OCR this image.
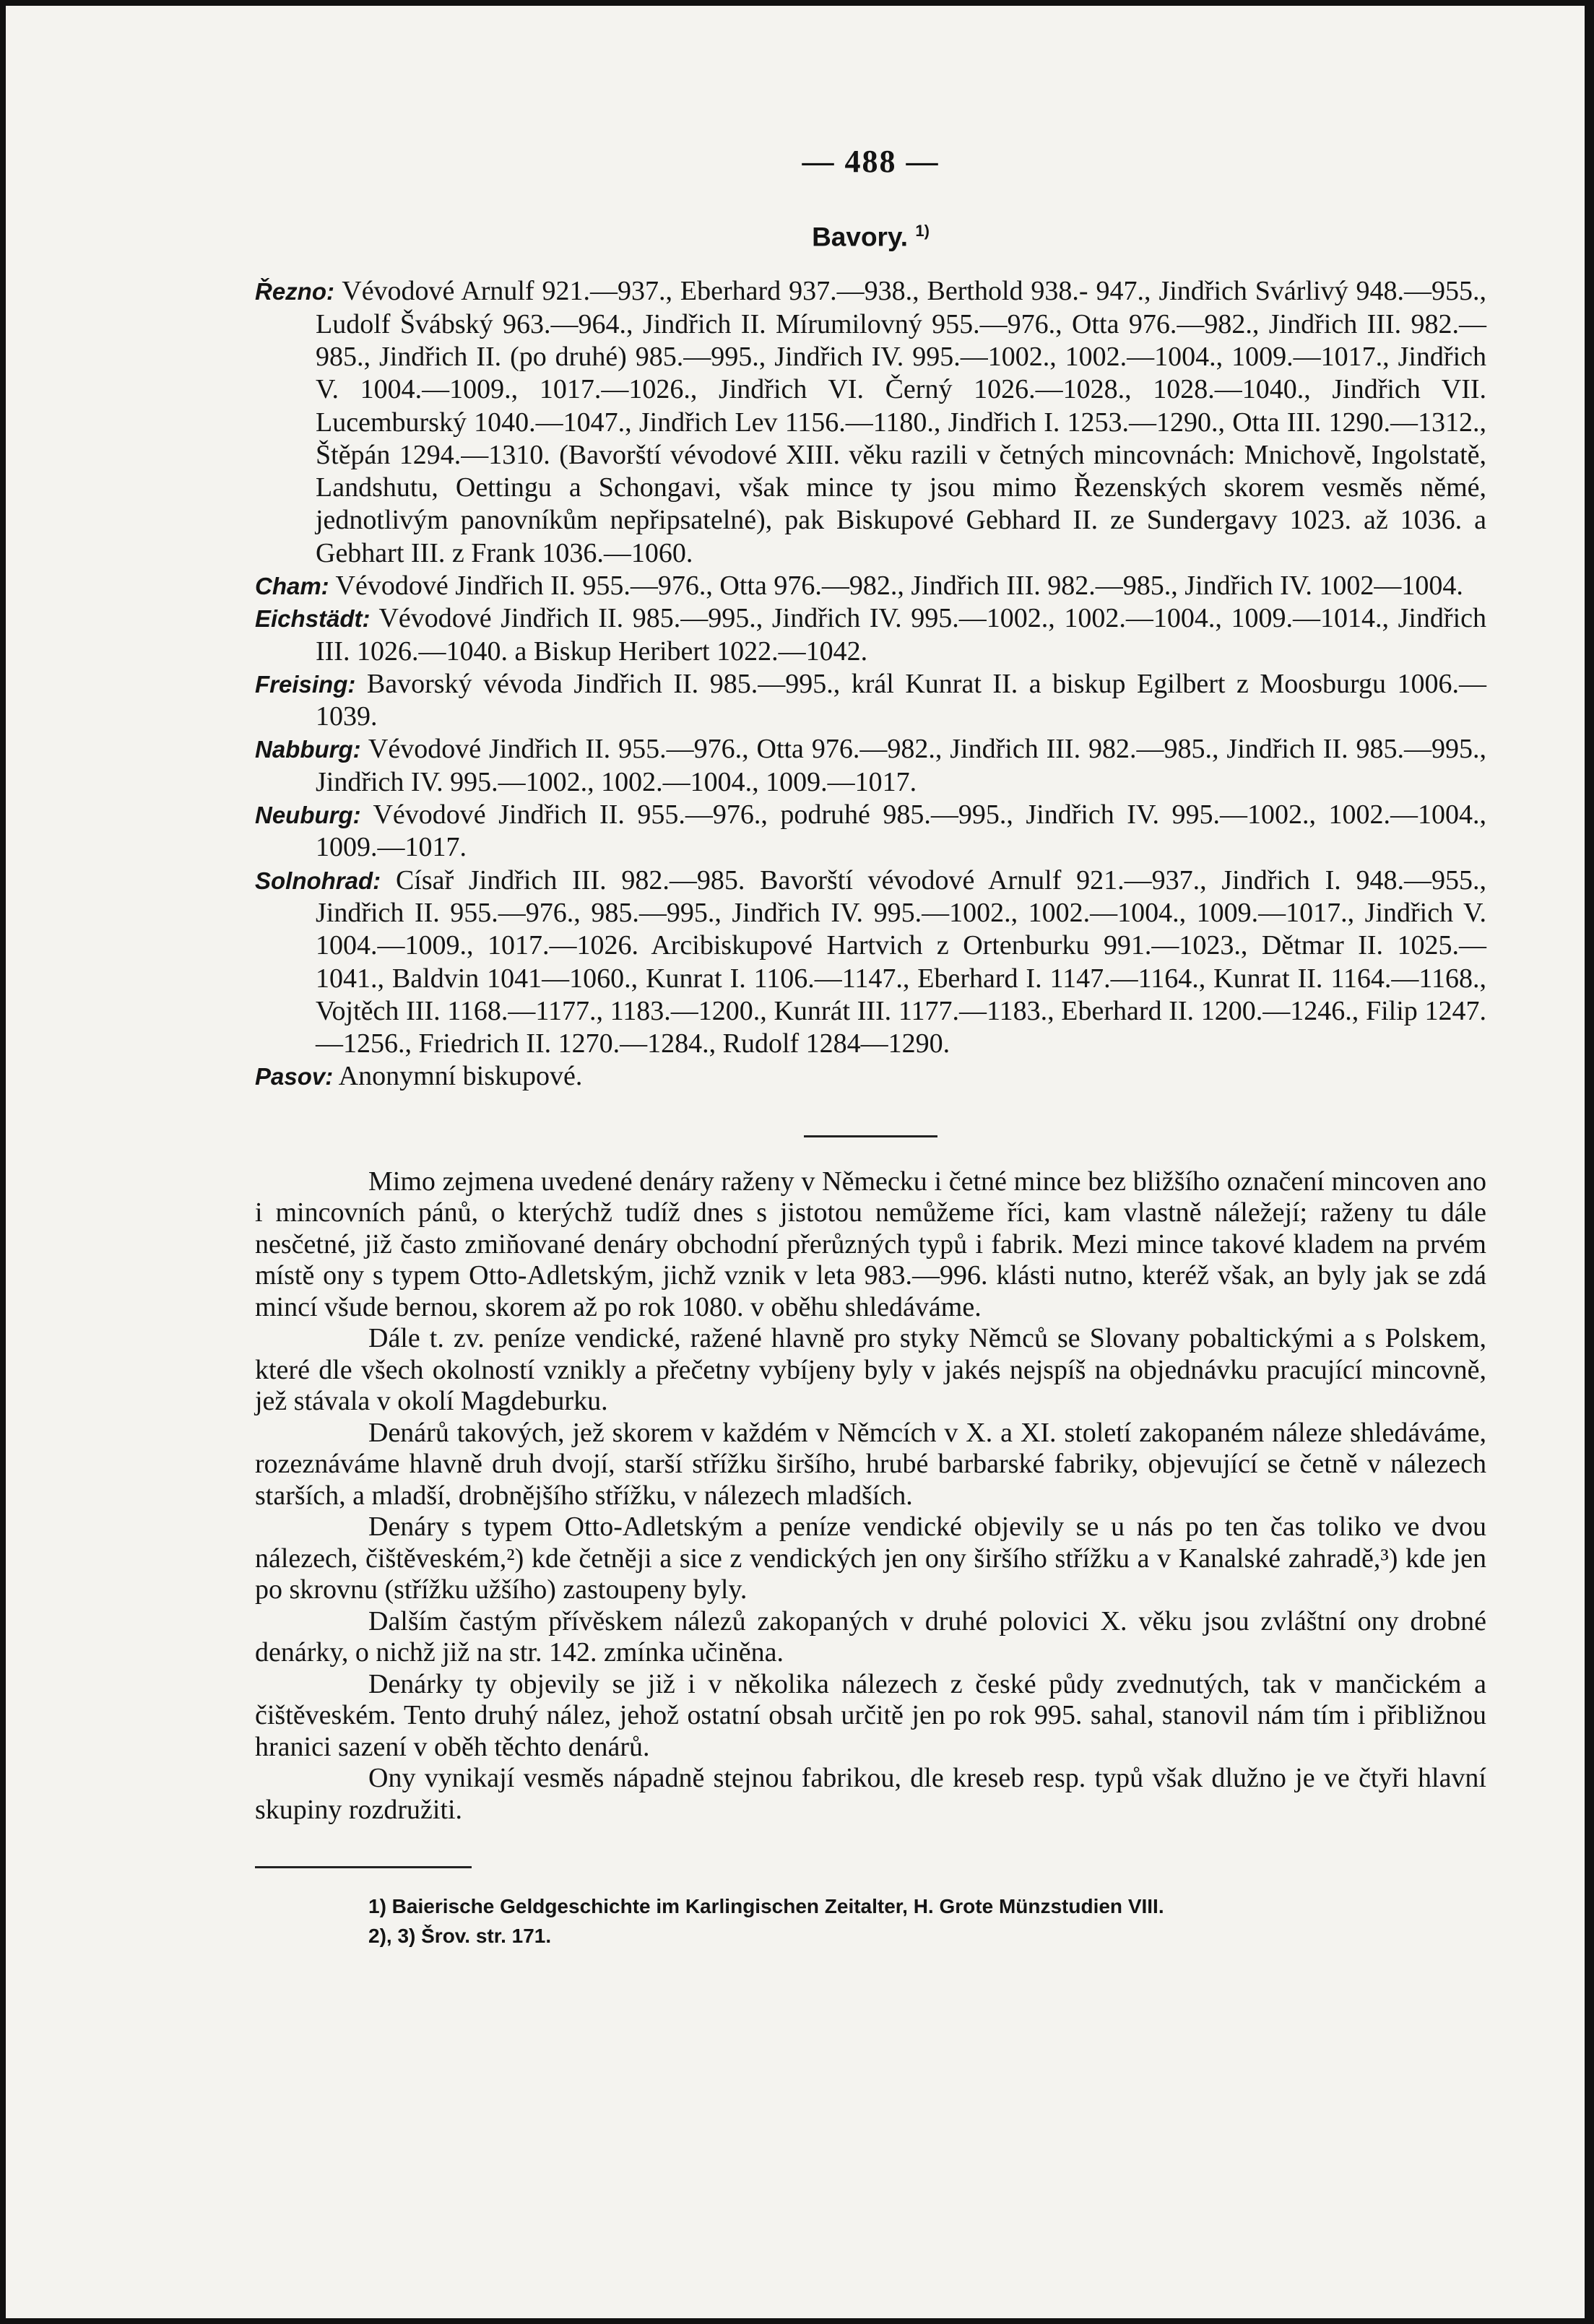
— 488 —
Bavory. $^{1)}$

Řezno: Vévodové Arnulf 921.—937., Eberhard 937.—938., Berthold 938.- 947., Jindřich Svárlivý 948.—955., Ludolf Švábský 963.—964., Jindřich II. Mírumilovný 955.—976., Otta 976.—982., Jindřich III. 982.—985., Jindřich II. (po druhé) 985.—995., Jindřich IV. 995.—1002., 1002.—1004., 1009.—1017., Jindřich V. 1004.—1009., 1017.—1026., Jindřich VI. Černý 1026.—1028., 1028.—1040., Jindřich VII. Lucemburský 1040.—1047., Jindřich Lev 1156.—1180., Jindřich I. 1253.—1290., Otta III. 1290.—1312., Štěpán 1294.—1310. (Bavorští vévodové XIII. věku razili v četných mincovnách: Mnichově, Ingolstatě, Landshutu, Oettingu a Schongavi, však mince ty jsou mimo Řezenských skorem vesměs němé, jednotlivým panovníkům nepřipsatelné), pak Biskupové Gebhard II. ze Sundergavy 1023. až 1036. a Gebhart III. z Frank 1036.—1060.

Cham: Vévodové Jindřich II. 955.—976., Otta 976.—982., Jindřich III. 982.—985., Jindřich IV. 1002—1004.

Eichstädt: Vévodové Jindřich II. 985.—995., Jindřich IV. 995.—1002., 1002.—1004., 1009.—1014., Jindřich III. 1026.—1040. a Biskup Heribert 1022.—1042.

Freising: Bavorský vévoda Jindřich II. 985.—995., král Kunrat II. a biskup Egilbert z Moosburgu 1006.—1039.

Nabburg: Vévodové Jindřich II. 955.—976., Otta 976.—982., Jindřich III. 982.—985., Jindřich II. 985.—995., Jindřich IV. 995.—1002., 1002.—1004., 1009.—1017.

Neuburg: Vévodové Jindřich II. 955.—976., podruhé 985.—995., Jindřich IV. 995.—1002., 1002.—1004., 1009.—1017.

Solnohrad: Císař Jindřich III. 982.—985. Bavorští vévodové Arnulf 921.—937., Jindřich I. 948.—955., Jindřich II. 955.—976., 985.—995., Jindřich IV. 995.—1002., 1002.—1004., 1009.—1017., Jindřich V. 1004.—1009., 1017.—1026. Arcibiskupové Hartvich z Ortenburku 991.—1023., Dětmar II. 1025.—1041., Baldvin 1041—1060., Kunrat I. 1106.—1147., Eberhard I. 1147.—1164., Kunrat II. 1164.—1168., Vojtěch III. 1168.—1177., 1183.—1200., Kunrát III. 1177.—1183., Eberhard II. 1200.—1246., Filip 1247.—1256., Friedrich II. 1270.—1284., Rudolf 1284—1290.

Pasov: Anonymní biskupové.

Mimo zejmena uvedené denáry raženy v Německu i četné mince bez bližšího označení mincoven ano i mincovních pánů, o kterýchž tudíž dnes s jistotou nemůžeme říci, kam vlastně náležejí; raženy tu dále nesčetné, již často zmiňované denáry obchodní přerůzných typů i fabrik. Mezi mince takové kladem na prvém místě ony s typem Otto-Adletským, jichž vznik v leta 983.—996. klásti nutno, kteréž však, an byly jak se zdá mincí všude bernou, skorem až po rok 1080. v oběhu shledáváme.

Dále t. zv. peníze vendické, ražené hlavně pro styky Němců se Slovany pobaltickými a s Polskem, které dle všech okolností vznikly a přečetny vybíjeny byly v jakés nejspíš na objednávku pracující mincovně, jež stávala v okolí Magdeburku.

Denárů takových, jež skorem v každém v Němcích v X. a XI. století zakopaném náleze shledáváme, rozeznáváme hlavně druh dvojí, starší střížku širšího, hrubé barbarské fabriky, objevující se četně v nálezech starších, a mladší, drobnějšího střížku, v nálezech mladších.

Denáry s typem Otto-Adletským a peníze vendické objevily se u nás po ten čas toliko ve dvou nálezech, čištěveském,²) kde četněji a sice z vendických jen ony širšího střížku a v Kanalské zahradě,³) kde jen po skrovnu (střížku užšího) zastoupeny byly.

Dalším častým přívěskem nálezů zakopaných v druhé polovici X. věku jsou zvláštní ony drobné denárky, o nichž již na str. 142. zmínka učiněna.

Denárky ty objevily se již i v několika nálezech z české půdy zvednutých, tak v mančickém a čištěveském. Tento druhý nález, jehož ostatní obsah určitě jen po rok 995. sahal, stanovil nám tím i přibližnou hranici sazení v oběh těchto denárů.

Ony vynikají vesměs nápadně stejnou fabrikou, dle kreseb resp. typů však dlužno je ve čtyři hlavní skupiny rozdružiti.

1) Baierische Geldgeschichte im Karlingischen Zeitalter, H. Grote Münzstudien VIII.

2), 3) Šrov. str. 171.
